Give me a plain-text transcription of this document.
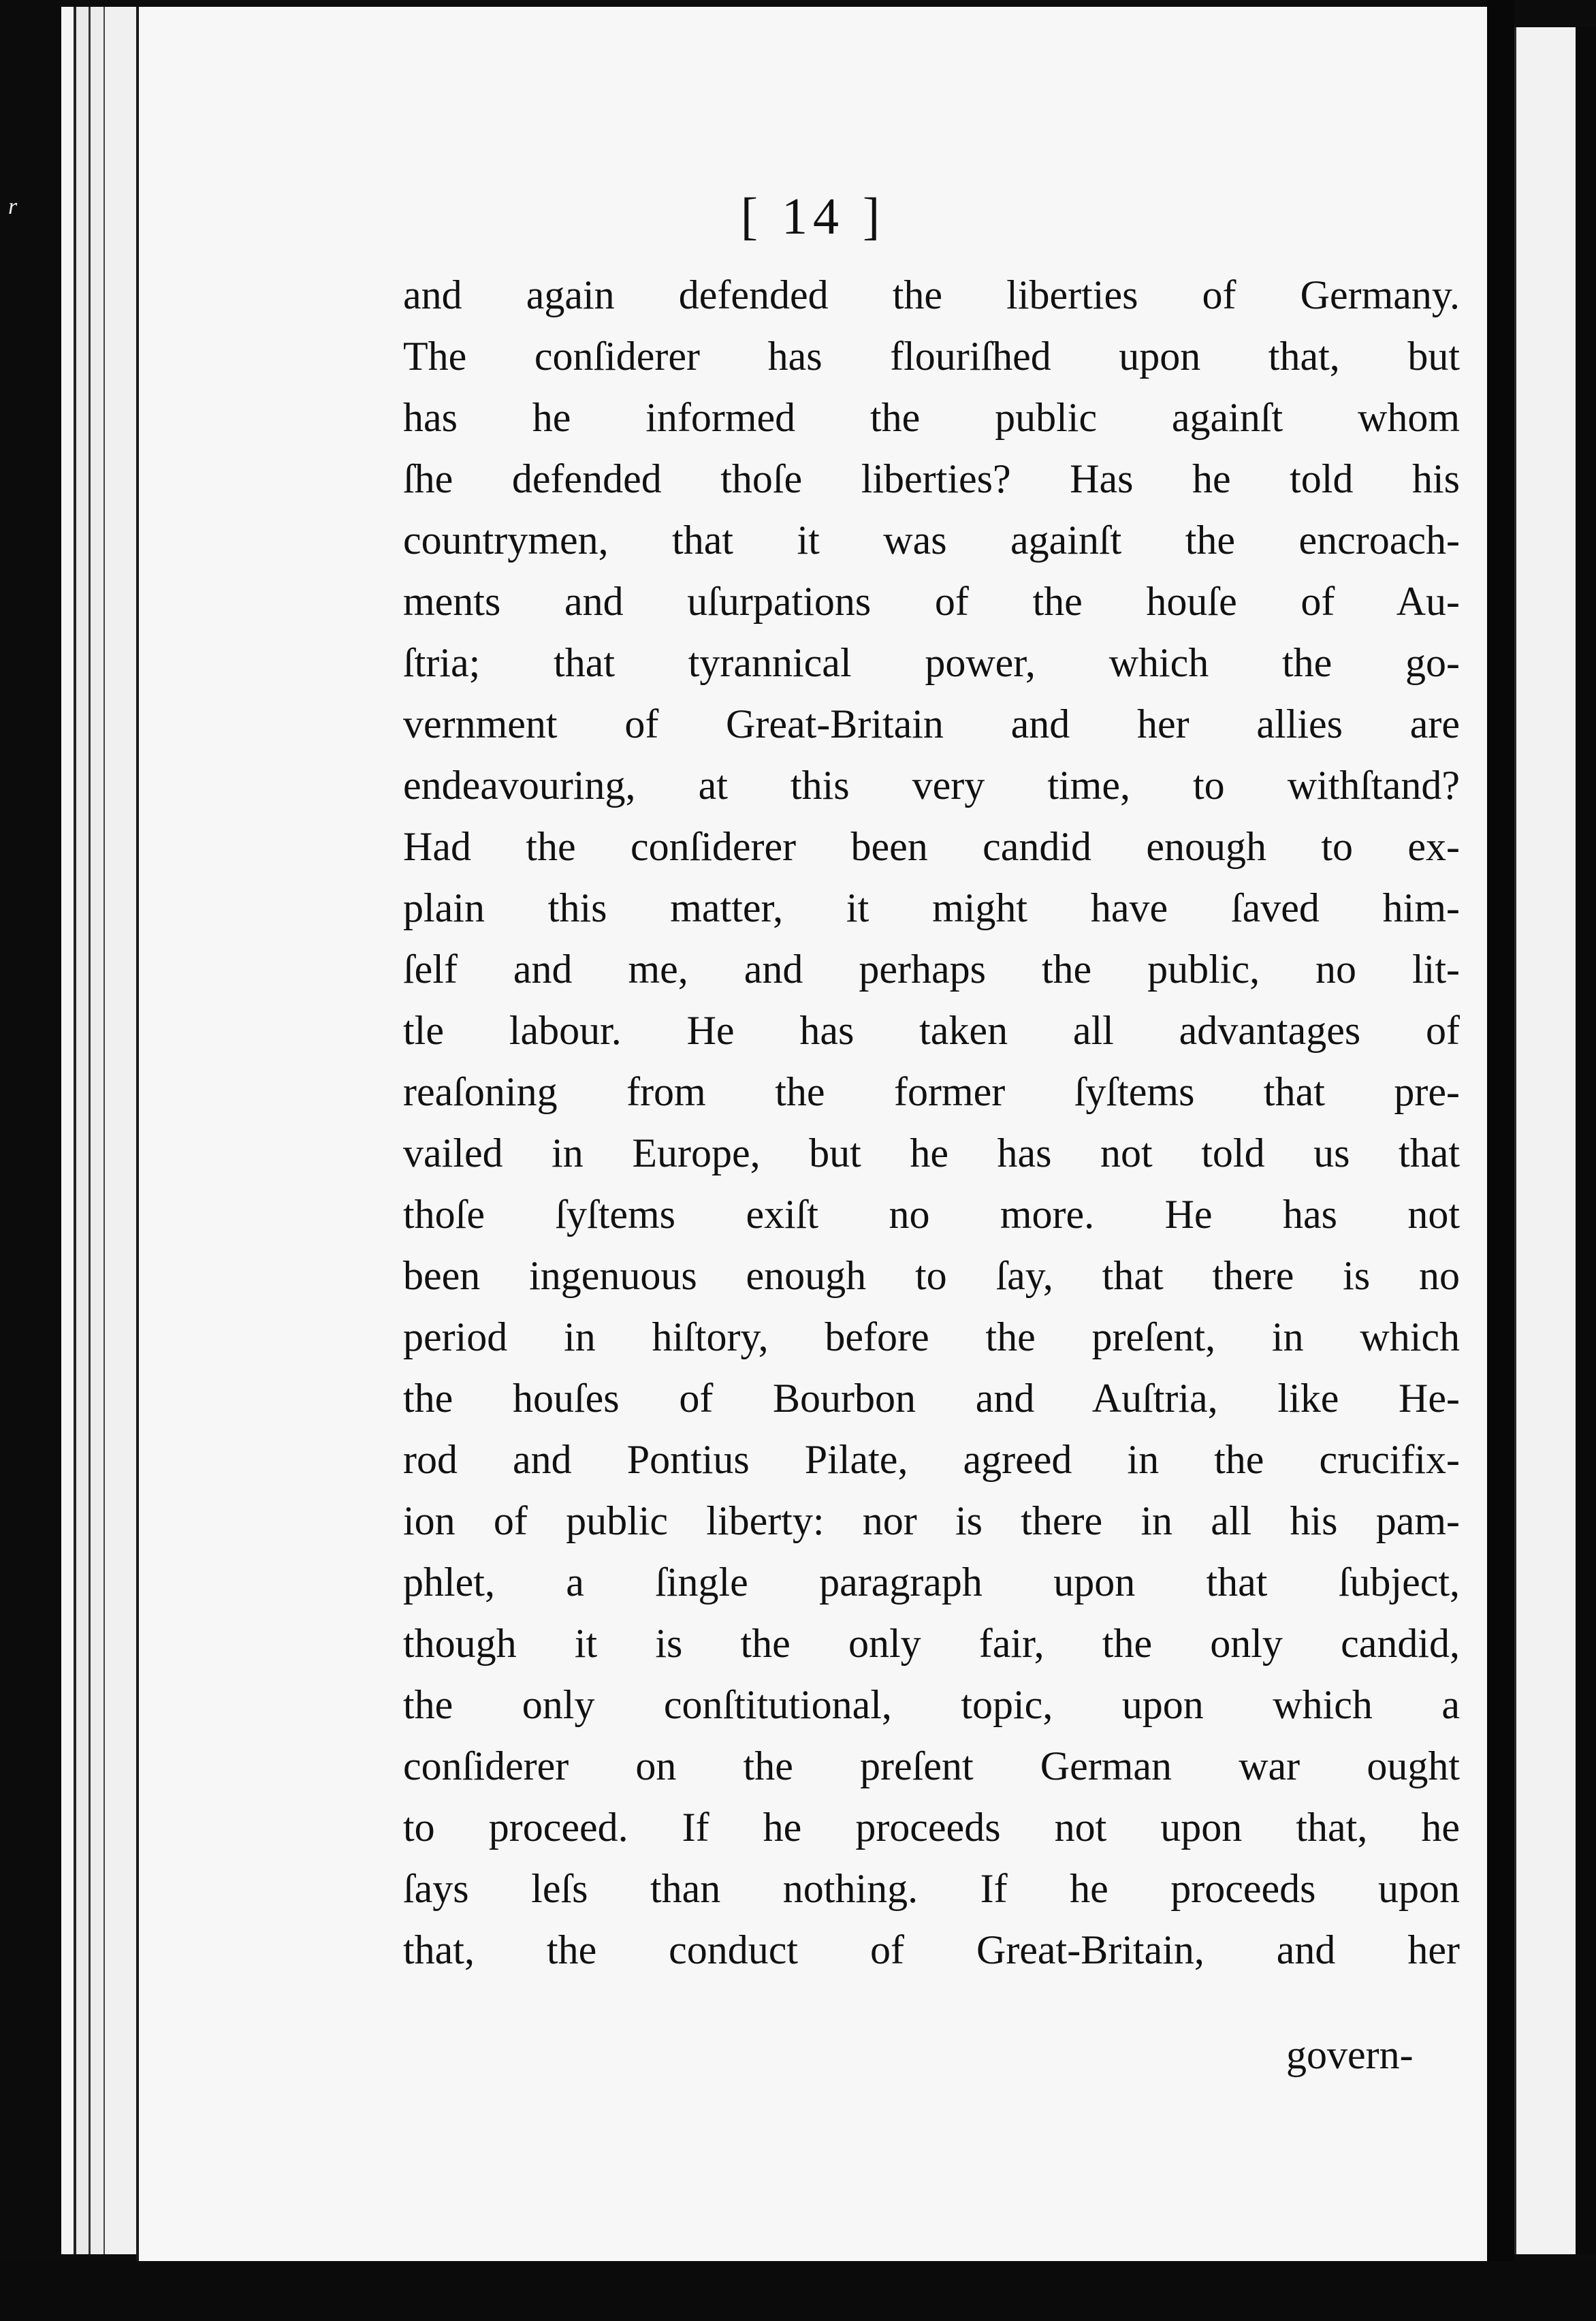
r	[ 14 ]
and again defended the liberties of Germany.
The conſiderer has flouriſhed upon that, but
has he informed the public againſt whom
ſhe defended thoſe liberties? Has he told his
countrymen, that it was againſt the encroach-
ments and uſurpations of the houſe of Au-
ſtria; that tyrannical power, which the go-
vernment of Great-Britain and her allies are
endeavouring, at this very time, to withſtand?
Had the conſiderer been candid enough to ex-
plain this matter, it might have ſaved him-
ſelf and me, and perhaps the public, no lit-
tle labour. He has taken all advantages of
reaſoning from the former ſyſtems that pre-
vailed in Europe, but he has not told us that
thoſe ſyſtems exiſt no more. He has not
been ingenuous enough to ſay, that there is no
period in hiſtory, before the preſent, in which
the houſes of Bourbon and Auſtria, like He-
rod and Pontius Pilate, agreed in the crucifix-
ion of public liberty: nor is there in all his pam-
phlet, a ſingle paragraph upon that ſubject,
though it is the only fair, the only candid,
the only conſtitutional, topic, upon which a
conſiderer on the preſent German war ought
to proceed. If he proceeds not upon that, he
ſays leſs than nothing. If he proceeds upon
that, the conduct of Great-Britain, and her
govern-
